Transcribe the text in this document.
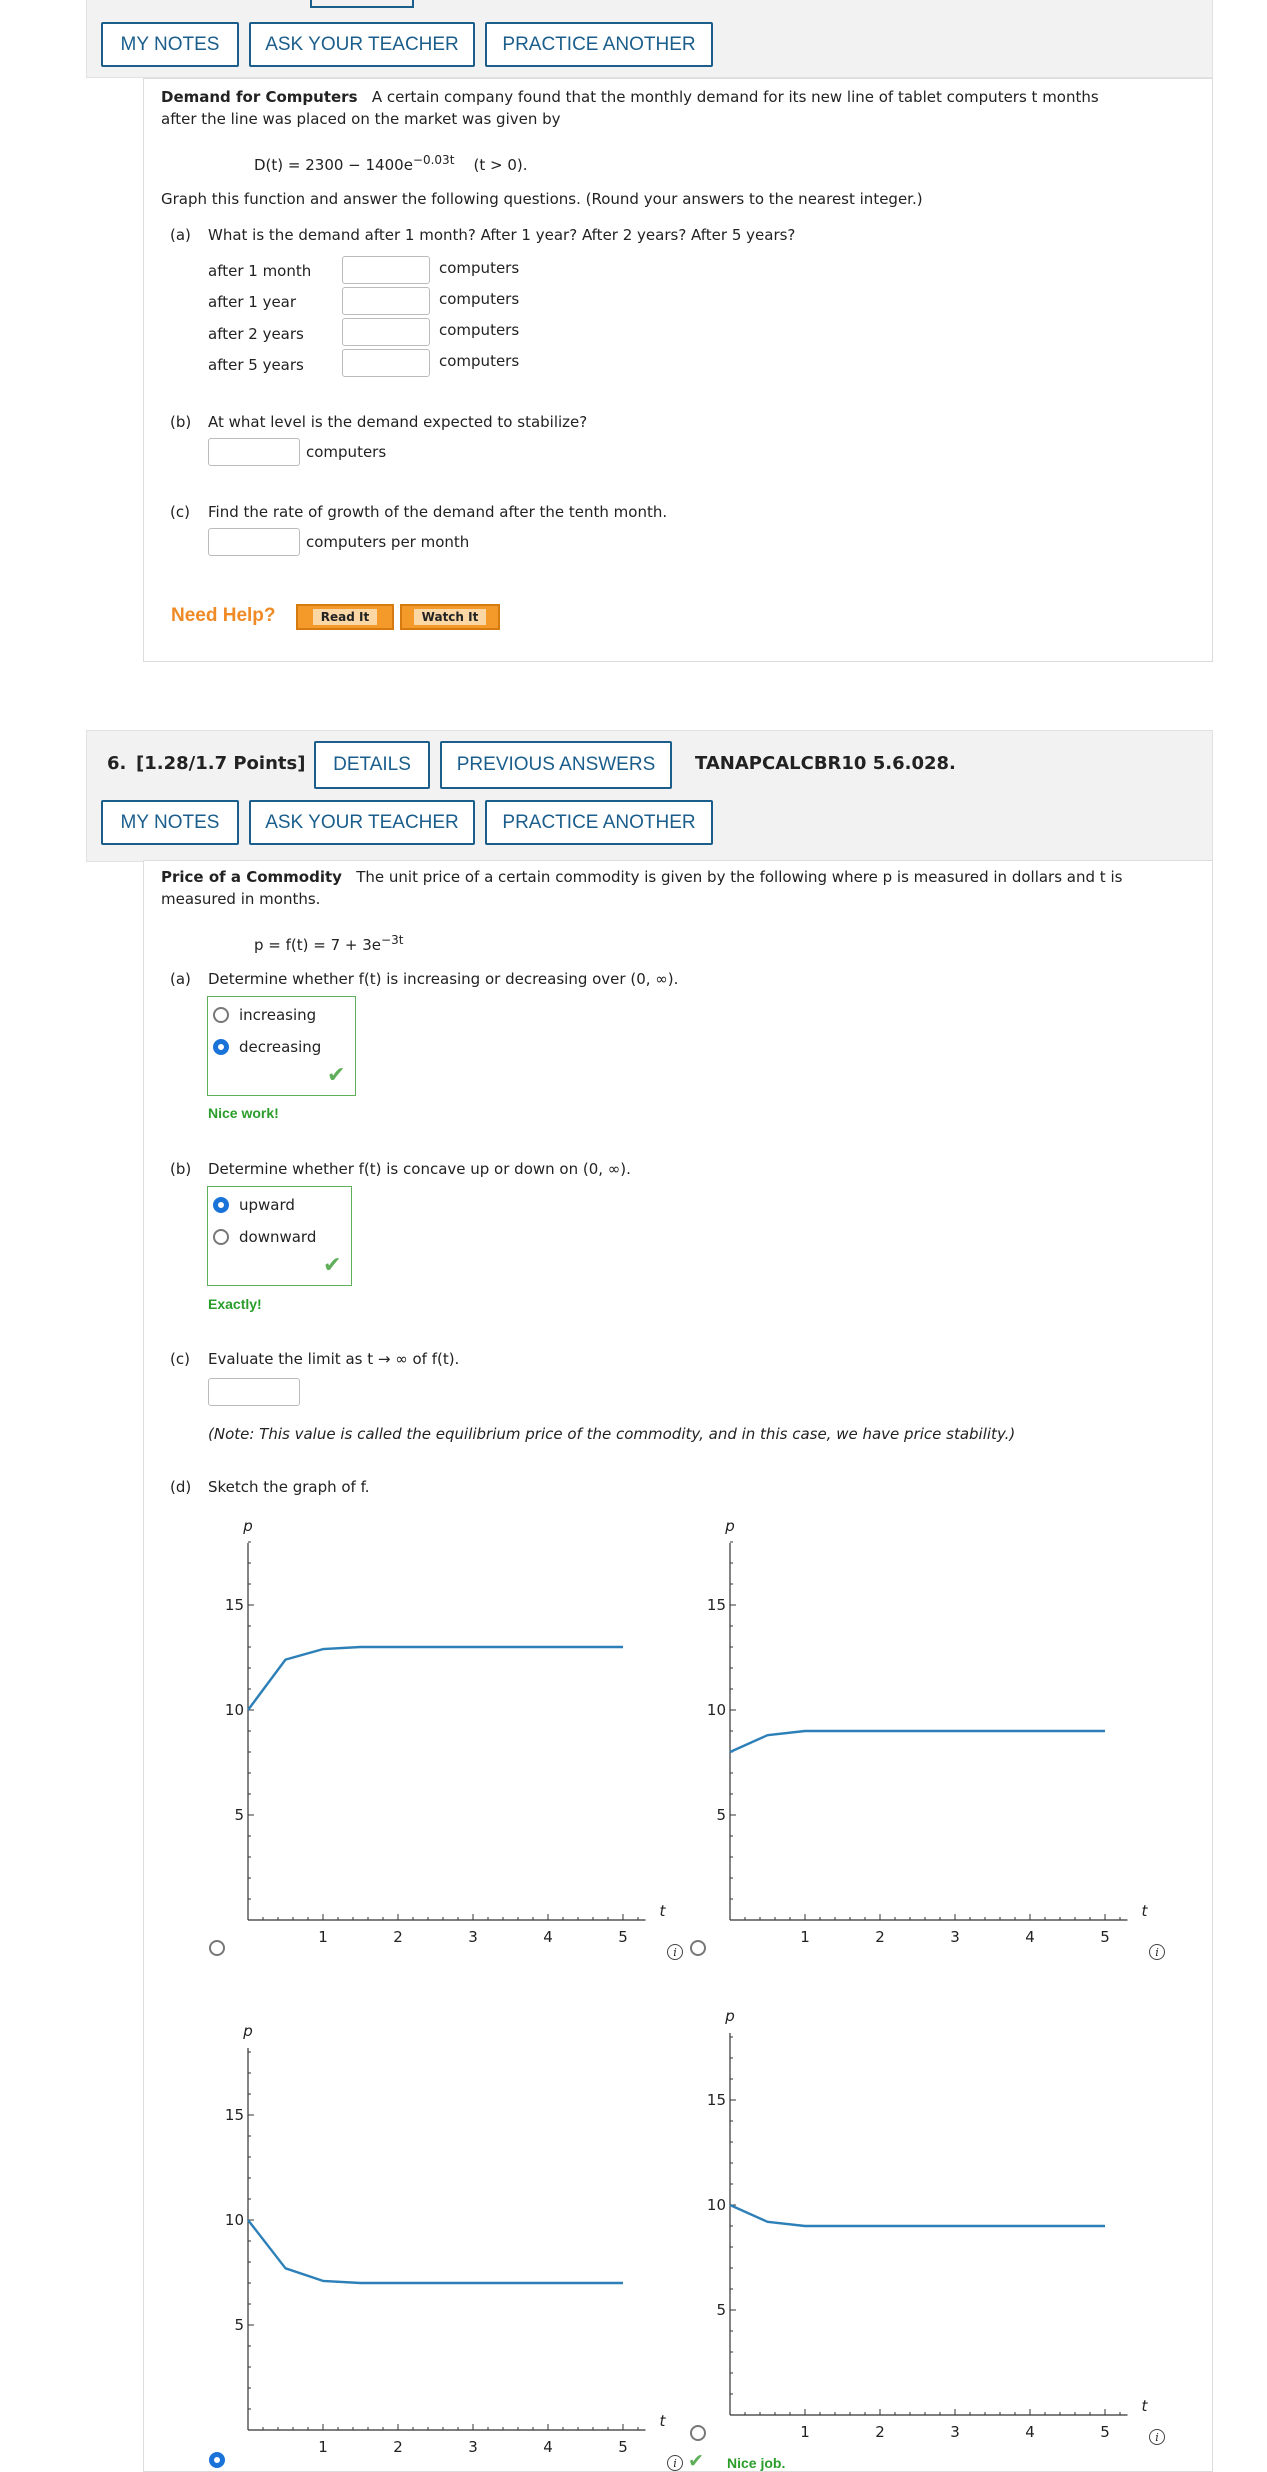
MY NOTES	ASK YOUR TEACHER	PRACTICE ANOTHER
Demand for Computers A certain company found that the monthly demand for its new line of tablet computers t months
after the line was placed on the market was given by
$D(t) = 2300 - 1400e^{-0.03t}$ (t > 0).
Graph this function and answer the following questions. (Round your answers to the nearest integer.)
(a) What is the demand after 1 month? After 1 year? After 2 years? After 5 years?
after 1 month	computers
after 1 year	computers
after 2 years	computers
after 5 years	computers
(b) At what level is the demand expected to stabilize?
computers
(c) Find the rate of growth of the demand after the tenth month.
computers per month
Need Help?	Read It	Watch It
6. [1.28/1.7 Points]	DETAILS	PREVIOUS ANSWERS	TANAPCALCBR10 5.6.028.
MY NOTES	ASK YOUR TEACHER	PRACTICE ANOTHER
Price of a Commodity The unit price of a certain commodity is given by the following where p is measured in dollars and t is
measured in months.
$p = f(t) = 7 + 3e^{-3t}$
(a) Determine whether f(t) is increasing or decreasing over (0, ∞).
increasing
decreasing
✔
Nice work!
(b) Determine whether f(t) is concave up or down on (0, ∞).
upward
downward
✔
Exactly!
(c) Evaluate the limit as t → ∞ of f(t).
(Note: This value is called the equilibrium price of the commodity, and in this case, we have price stability.)
(d) Sketch the graph of f.
1	2	3	4	5
5
10
15
t
p
1	2	3	4	5
5
10
15
t
p
1	2	3	4	5
5
10
15
t
p
1	2	3	4	5
5
10
15
t
p
i	i
i
i ✔ Nice job.
